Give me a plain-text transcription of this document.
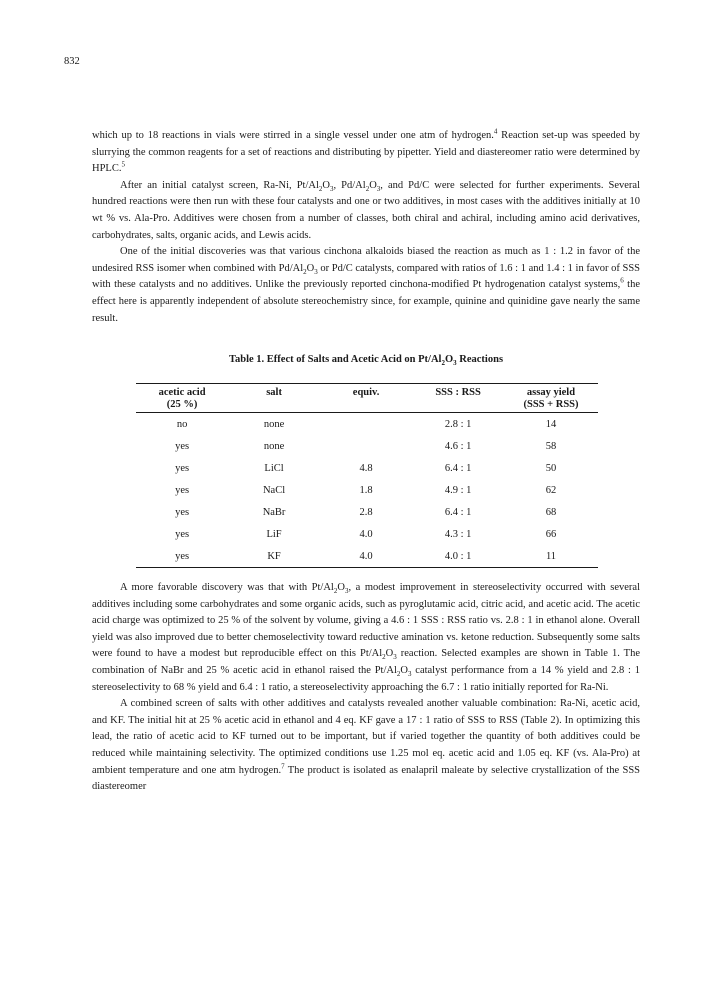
832

which up to 18 reactions in vials were stirred in a single vessel under one atm of hydrogen.$^4$ Reaction set-up was speeded by slurrying the common reagents for a set of reactions and distributing by pipetter. Yield and diastereomer ratio were determined by HPLC.$^5$

After an initial catalyst screen, Ra-Ni, $Pt/Al_2O_3$, $Pd/Al_2O_3$, and Pd/C were selected for further experiments. Several hundred reactions were then run with these four catalysts and one or two additives, in most cases with the additives initially at 10 wt % vs. Ala-Pro. Additives were chosen from a number of classes, both chiral and achiral, including amino acid derivatives, carbohydrates, salts, organic acids, and Lewis acids.

One of the initial discoveries was that various cinchona alkaloids biased the reaction as much as 1 : 1.2 in favor of the undesired RSS isomer when combined with $Pd/Al_2O_3$ or Pd/C catalysts, compared with ratios of 1.6 : 1 and 1.4 : 1 in favor of SSS with these catalysts and no additives. Unlike the previously reported cinchona-modified Pt hydrogenation catalyst systems,$^6$ the effect here is apparently independent of absolute stereochemistry since, for example, quinine and quinidine gave nearly the same result.

Table 1. Effect of Salts and Acetic Acid on $Pt/Al_2O_3$ Reactions
acetic acid
(25 %)	salt	equiv.	SSS : RSS	assay yield
(SSS + RSS)
no	none		2.8 : 1	14
yes	none		4.6 : 1	58
yes	LiCl	4.8	6.4 : 1	50
yes	NaCl	1.8	4.9 : 1	62
yes	NaBr	2.8	6.4 : 1	68
yes	LiF	4.0	4.3 : 1	66
yes	KF	4.0	4.0 : 1	11

A more favorable discovery was that with $Pt/Al_2O_3$, a modest improvement in stereoselectivity occurred with several additives including some carbohydrates and some organic acids, such as pyroglutamic acid, citric acid, and acetic acid. The acetic acid charge was optimized to 25 % of the solvent by volume, giving a 4.6 : 1 SSS : RSS ratio vs. 2.8 : 1 in ethanol alone. Overall yield was also improved due to better chemoselectivity toward reductive amination vs. ketone reduction. Subsequently some salts were found to have a modest but reproducible effect on this $Pt/Al_2O_3$ reaction. Selected examples are shown in Table 1. The combination of NaBr and 25 % acetic acid in ethanol raised the $Pt/Al_2O_3$ catalyst performance from a 14 % yield and 2.8 : 1 stereoselectivity to 68 % yield and 6.4 : 1 ratio, a stereoselectivity approaching the 6.7 : 1 ratio initially reported for Ra-Ni.

A combined screen of salts with other additives and catalysts revealed another valuable combination: Ra-Ni, acetic acid, and KF. The initial hit at 25 % acetic acid in ethanol and 4 eq. KF gave a 17 : 1 ratio of SSS to RSS (Table 2). In optimizing this lead, the ratio of acetic acid to KF turned out to be important, but if varied together the quantity of both additives could be reduced while maintaining selectivity. The optimized conditions use 1.25 mol eq. acetic acid and 1.05 eq. KF (vs. Ala-Pro) at ambient temperature and one atm hydrogen.$^7$ The product is isolated as enalapril maleate by selective crystallization of the SSS diastereomer
